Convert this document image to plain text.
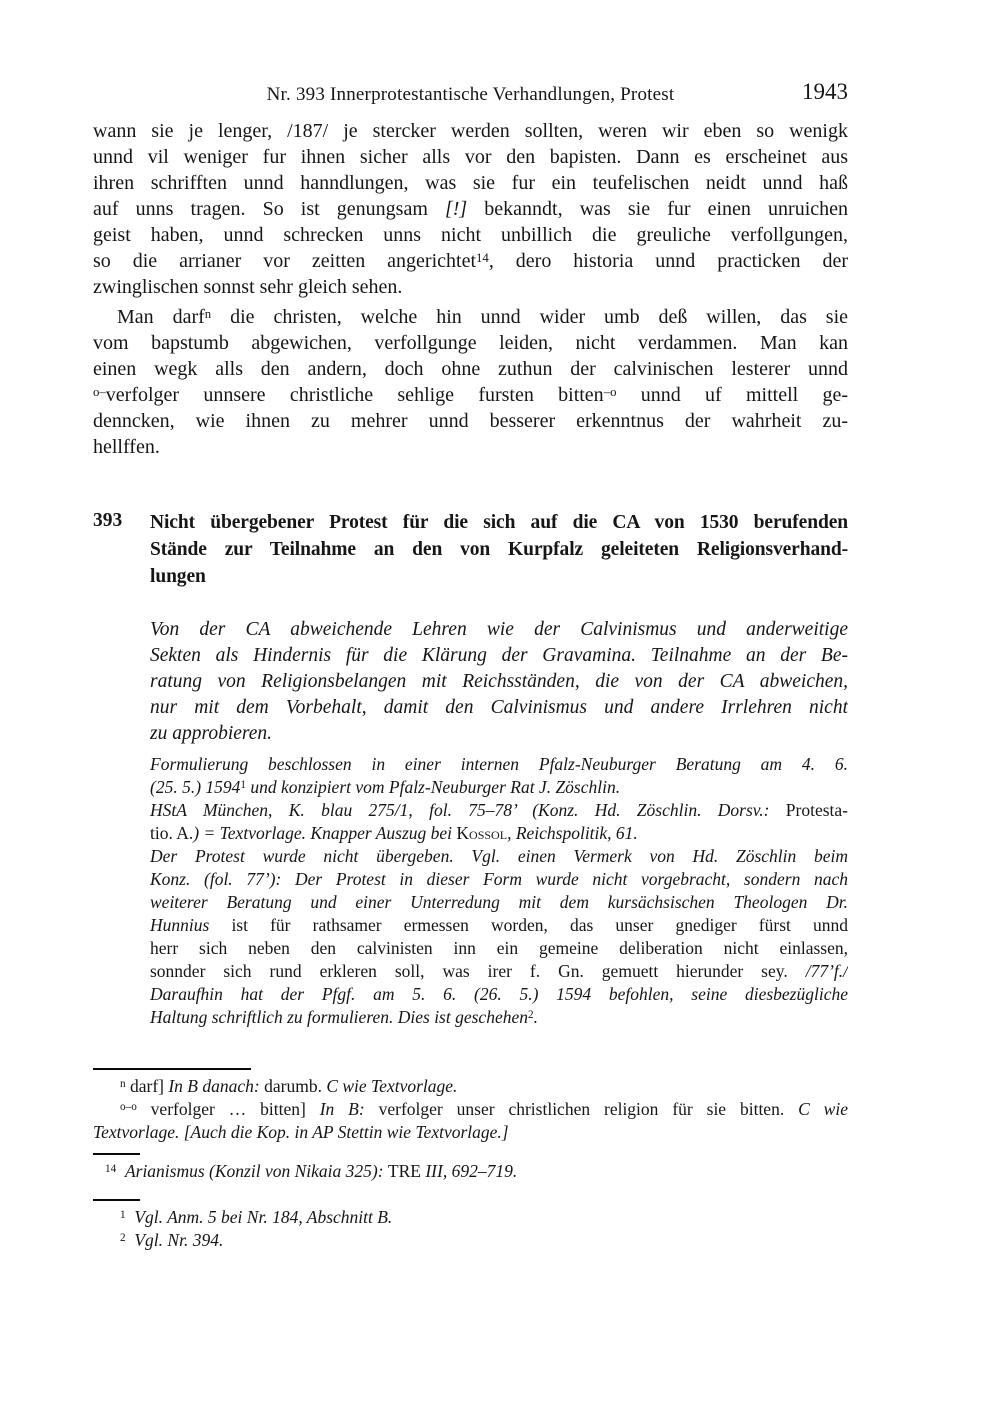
Nr. 393 Innerprotestantische Verhandlungen, Protest	1943
wann sie je lenger, /187/ je stercker werden sollten, weren wir eben so wenigk
unnd vil weniger fur ihnen sicher alls vor den bapisten. Dann es erscheinet aus
ihren schrifften unnd hanndlungen, was sie fur ein teufelischen neidt unnd haß
auf unns tragen. So ist genungsam [!] bekanndt, was sie fur einen unruichen
geist haben, unnd schrecken unns nicht unbillich die greuliche verfollgungen,
so die arrianer vor zeitten angerichtet$^{14}$, dero historia unnd practicken der
zwinglischen sonnst sehr gleich sehen.
Man darf$^n$ die christen, welche hin unnd wider umb deß willen, das sie
vom bapstumb abgewichen, verfollgunge leiden, nicht verdammen. Man kan
einen wegk alls den andern, doch ohne zuthun der calvinischen lesterer unnd
$^{o-}$verfolger unnsere christliche sehlige fursten bitten$^{-o}$ unnd uf mittell ge-
denncken, wie ihnen zu mehrer unnd besserer erkenntnus der wahrheit zu-
hellffen.
393 Nicht übergebener Protest für die sich auf die CA von 1530 berufenden
Stände zur Teilnahme an den von Kurpfalz geleiteten Religionsverhand-
lungen
Von der CA abweichende Lehren wie der Calvinismus und anderweitige
Sekten als Hindernis für die Klärung der Gravamina. Teilnahme an der Be-
ratung von Religionsbelangen mit Reichsständen, die von der CA abweichen,
nur mit dem Vorbehalt, damit den Calvinismus und andere Irrlehren nicht
zu approbieren.
Formulierung beschlossen in einer internen Pfalz-Neuburger Beratung am 4. 6.
(25. 5.) 1594$^1$ und konzipiert vom Pfalz-Neuburger Rat J. Zöschlin.
HStA München, K. blau 275/1, fol. 75–78’ (Konz. Hd. Zöschlin. Dorsv.: Protesta-
tio. A.) = Textvorlage. Knapper Auszug bei Kossol, Reichspolitik, 61.
Der Protest wurde nicht übergeben. Vgl. einen Vermerk von Hd. Zöschlin beim
Konz. (fol. 77’): Der Protest in dieser Form wurde nicht vorgebracht, sondern nach
weiterer Beratung und einer Unterredung mit dem kursächsischen Theologen Dr.
Hunnius ist für rathsamer ermessen worden, das unser gnediger fürst unnd
herr sich neben den calvinisten inn ein gemeine deliberation nicht einlassen,
sonnder sich rund erkleren soll, was irer f. Gn. gemuett hierunder sey. /77’f./
Daraufhin hat der Pfgf. am 5. 6. (26. 5.) 1594 befohlen, seine diesbezügliche
Haltung schriftlich zu formulieren. Dies ist geschehen$^2$.
$^n$ darf] In B danach: darumb. C wie Textvorlage.
$^{o-o}$ verfolger … bitten] In B: verfolger unser christlichen religion für sie bitten. C wie
Textvorlage. [Auch die Kop. in AP Stettin wie Textvorlage.]
$^{14}$ Arianismus (Konzil von Nikaia 325): TRE III, 692–719.
$^1$ Vgl. Anm. 5 bei Nr. 184, Abschnitt B.
$^2$ Vgl. Nr. 394.
